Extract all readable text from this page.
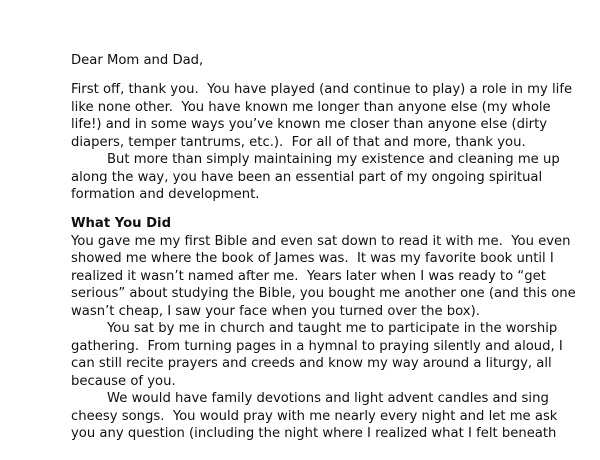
Dear Mom and Dad,
First off, thank you.  You have played (and continue to play) a role in my life
like none other.  You have known me longer than anyone else (my whole
life!) and in some ways you’ve known me closer than anyone else (dirty
diapers, temper tantrums, etc.).  For all of that and more, thank you.
But more than simply maintaining my existence and cleaning me up
along the way, you have been an essential part of my ongoing spiritual
formation and development.
What You Did
You gave me my first Bible and even sat down to read it with me.  You even
showed me where the book of James was.  It was my favorite book until I
realized it wasn’t named after me.  Years later when I was ready to “get
serious” about studying the Bible, you bought me another one (and this one
wasn’t cheap, I saw your face when you turned over the box).
You sat by me in church and taught me to participate in the worship
gathering.  From turning pages in a hymnal to praying silently and aloud, I
can still recite prayers and creeds and know my way around a liturgy, all
because of you.
We would have family devotions and light advent candles and sing
cheesy songs.  You would pray with me nearly every night and let me ask
you any question (including the night where I realized what I felt beneath
